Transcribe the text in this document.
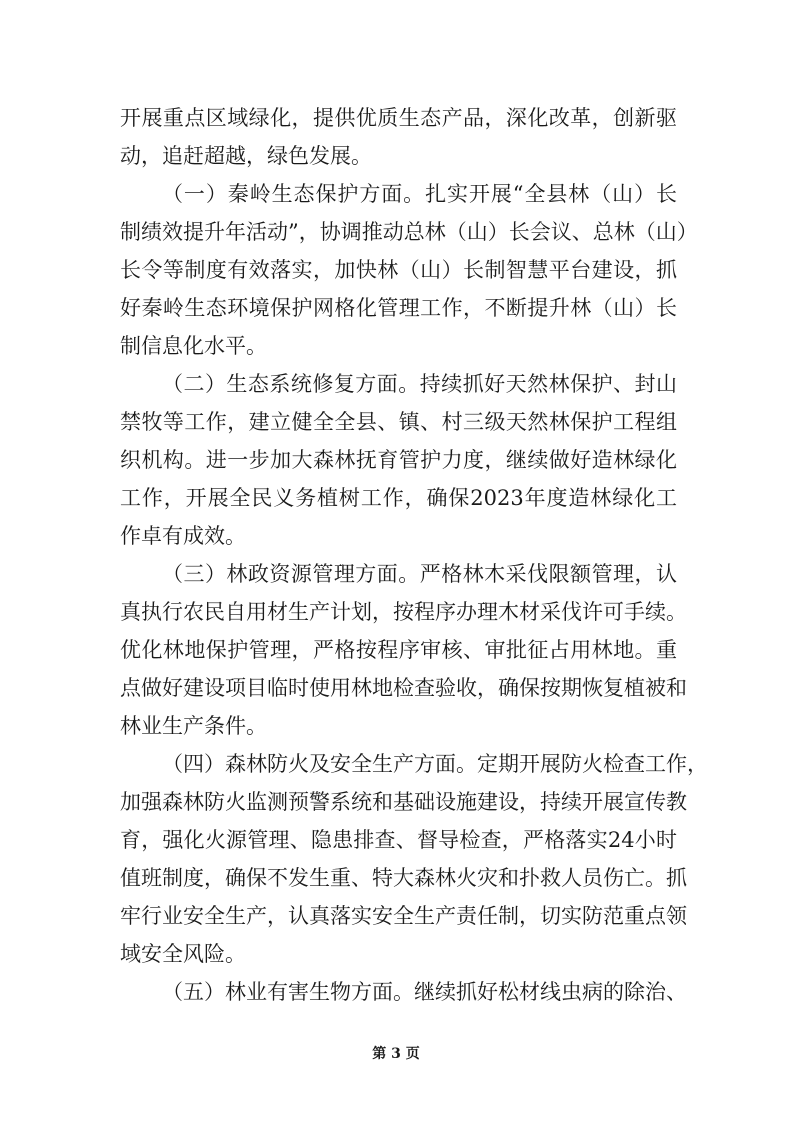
开展重点区域绿化，提供优质生态产品，深化改革，创新驱
动，追赶超越，绿色发展。
（一）秦岭生态保护方面。扎实开展“全县林（山）长
制绩效提升年活动”，协调推动总林（山）长会议、总林（山）
长令等制度有效落实，加快林（山）长制智慧平台建设，抓
好秦岭生态环境保护网格化管理工作，不断提升林（山）长
制信息化水平。
（二）生态系统修复方面。持续抓好天然林保护、封山
禁牧等工作，建立健全全县、镇、村三级天然林保护工程组
织机构。进一步加大森林抚育管护力度，继续做好造林绿化
工作，开展全民义务植树工作，确保2023年度造林绿化工
作卓有成效。
（三）林政资源管理方面。严格林木采伐限额管理，认
真执行农民自用材生产计划，按程序办理木材采伐许可手续。
优化林地保护管理，严格按程序审核、审批征占用林地。重
点做好建设项目临时使用林地检查验收，确保按期恢复植被和
林业生产条件。
（四）森林防火及安全生产方面。定期开展防火检查工作，
加强森林防火监测预警系统和基础设施建设，持续开展宣传教
育，强化火源管理、隐患排查、督导检查，严格落实24小时
值班制度，确保不发生重、特大森林火灾和扑救人员伤亡。抓
牢行业安全生产，认真落实安全生产责任制，切实防范重点领
域安全风险。
（五）林业有害生物方面。继续抓好松材线虫病的除治、
第 3 页
